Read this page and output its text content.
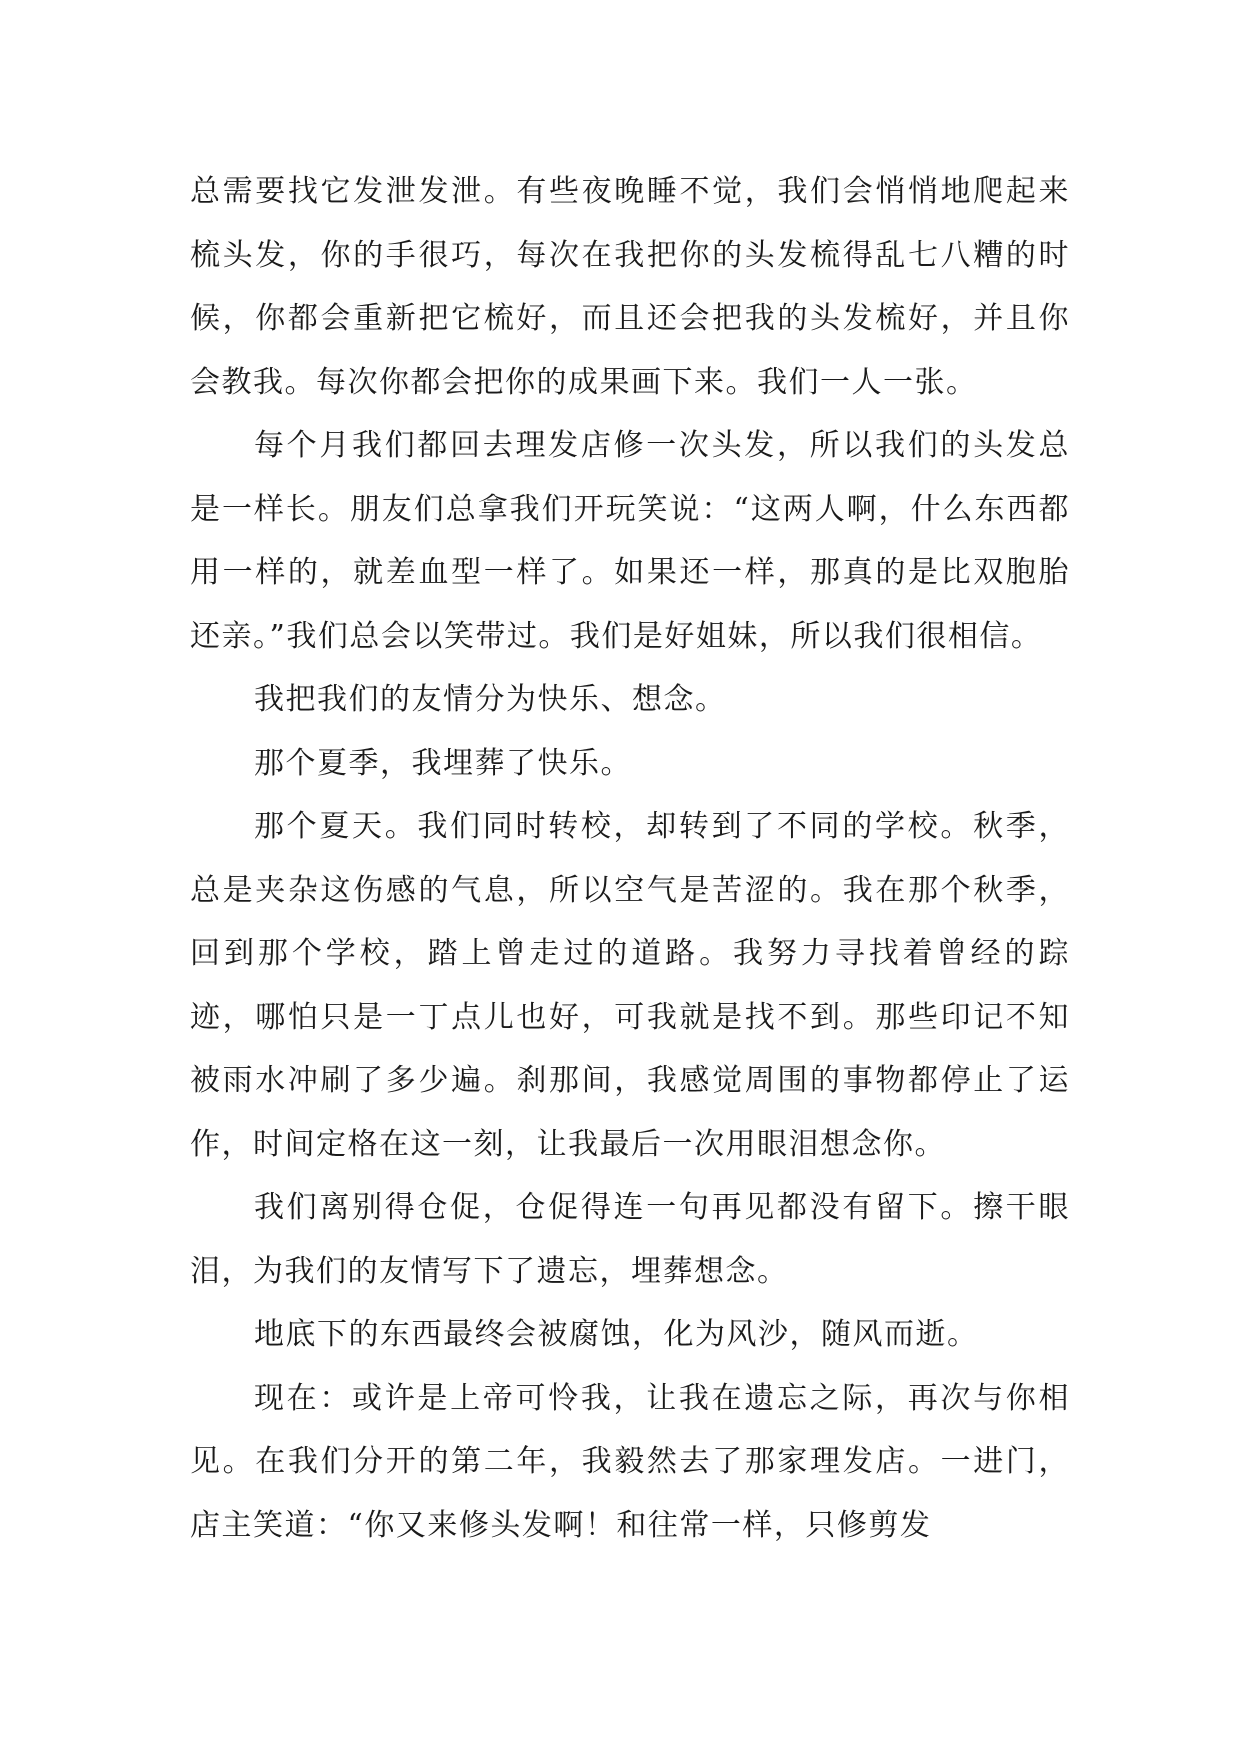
总需要找它发泄发泄。有些夜晚睡不觉，我们会悄悄地爬起来梳头发，你的手很巧，每次在我把你的头发梳得乱七八糟的时候，你都会重新把它梳好，而且还会把我的头发梳好，并且你会教我。每次你都会把你的成果画下来。我们一人一张。

每个月我们都回去理发店修一次头发，所以我们的头发总是一样长。朋友们总拿我们开玩笑说：“这两人啊，什么东西都用一样的，就差血型一样了。如果还一样，那真的是比双胞胎还亲。”我们总会以笑带过。我们是好姐妹，所以我们很相信。

我把我们的友情分为快乐、想念。

那个夏季，我埋葬了快乐。

那个夏天。我们同时转校，却转到了不同的学校。秋季，总是夹杂这伤感的气息，所以空气是苦涩的。我在那个秋季，回到那个学校，踏上曾走过的道路。我努力寻找着曾经的踪迹，哪怕只是一丁点儿也好，可我就是找不到。那些印记不知被雨水冲刷了多少遍。刹那间，我感觉周围的事物都停止了运作，时间定格在这一刻，让我最后一次用眼泪想念你。

我们离别得仓促，仓促得连一句再见都没有留下。擦干眼泪，为我们的友情写下了遗忘，埋葬想念。

地底下的东西最终会被腐蚀，化为风沙，随风而逝。

现在：或许是上帝可怜我，让我在遗忘之际，再次与你相见。在我们分开的第二年，我毅然去了那家理发店。一进门，店主笑道：“你又来修头发啊！和往常一样，只修剪发
